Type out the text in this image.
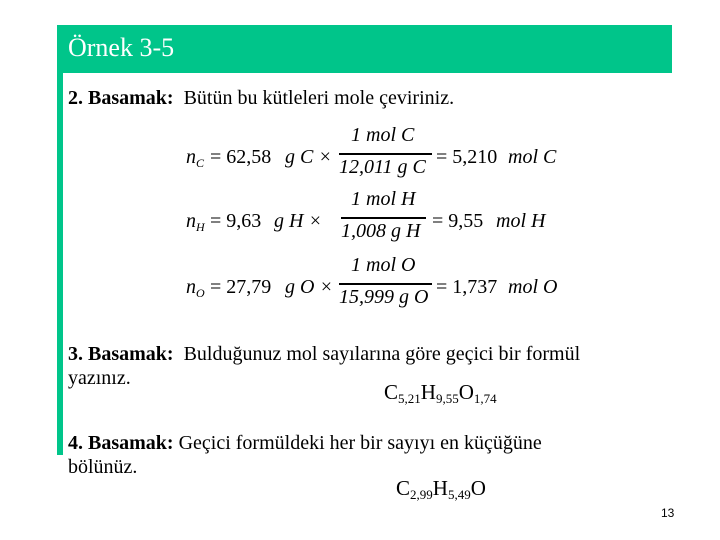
Örnek 3-5
2. Basamak: Bütün bu kütleleri mole çeviriniz.
n C = 62,58 g C ×
1 mol C
12,011 g C = 5,210 mol C
n H = 9,63 g H ×
1 mol H
1,008 g H = 9,55 mol H
n O = 27,79 g O ×
1 mol O
15,999 g O = 1,737 mol O
3. Basamak: Bulduğunuz mol sayılarına göre geçici bir formül
yazınız.
$C_{5,21}H_{9,55}O_{1,74}$
4. Basamak: Geçici formüldeki her bir sayıyı en küçüğüne
bölünüz.
$C_{2,99}H_{5,49}O$
13
